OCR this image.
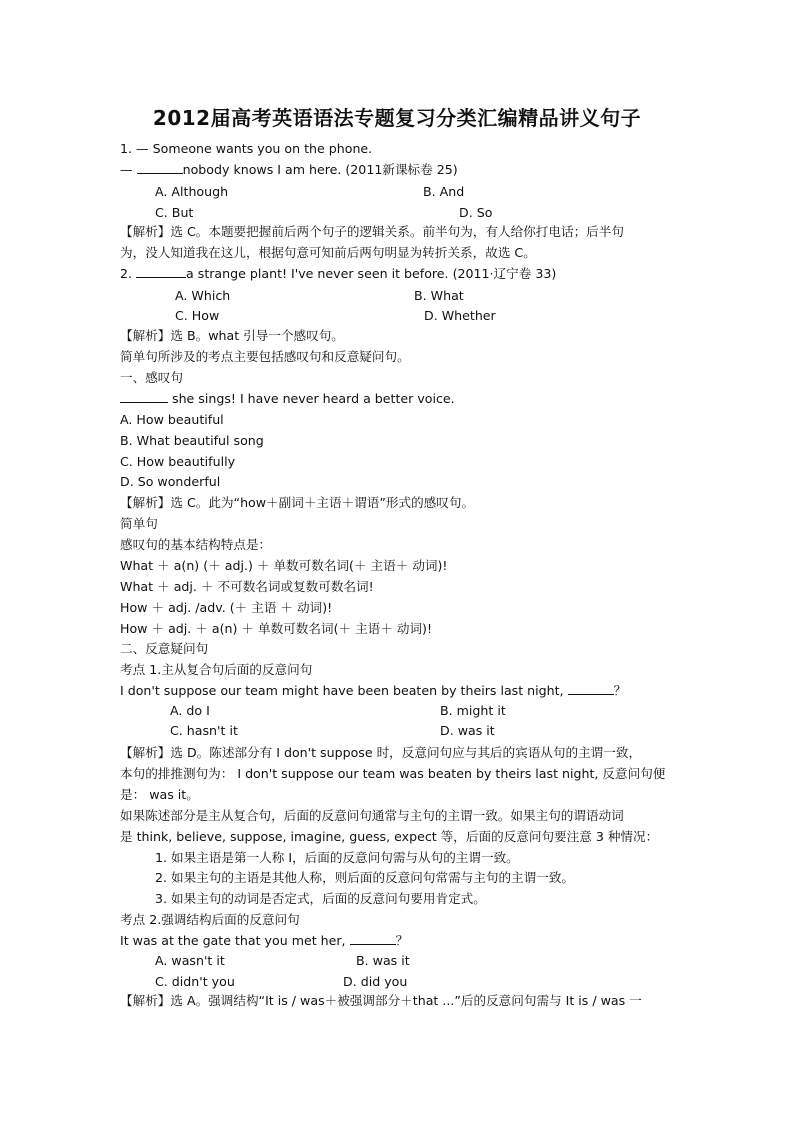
2012届高考英语语法专题复习分类汇编精品讲义句子
1. — Someone wants you on the phone.
—	nobody knows I am here. (2011新课标卷 25)
A. Although	B. And
C. But	D. So
【解析】选 C。本题要把握前后两个句子的逻辑关系。前半句为，有人给你打电话；后半句
为，没人知道我在这儿，根据句意可知前后两句明显为转折关系，故选 C。
2.	a strange plant! I've never seen it before. (2011·辽宁卷 33)
A. Which	B. What
C. How	D. Whether
【解析】选 B。what 引导一个感叹句。
简单句所涉及的考点主要包括感叹句和反意疑问句。
一、感叹句
she sings! I have never heard a better voice.
A. How beautiful
B. What beautiful song
C. How beautifully
D. So wonderful
【解析】选 C。此为“how＋副词＋主语＋谓语”形式的感叹句。
简单句
感叹句的基本结构特点是：
What ＋ a(n) (＋ adj.) ＋ 单数可数名词(＋ 主语＋ 动词)!
What ＋ adj. ＋ 不可数名词或复数可数名词!
How ＋ adj. /adv. (＋ 主语 ＋ 动词)!
How ＋ adj. ＋ a(n) ＋ 单数可数名词(＋ 主语＋ 动词)!
二、反意疑问句
考点 1.主从复合句后面的反意问句
I don't suppose our team might have been beaten by theirs last night,	？
A. do I	B. might it
C. hasn't it	D. was it
【解析】选 D。陈述部分有 I don't suppose 时，反意问句应与其后的宾语从句的主谓一致，
本句的排推测句为： I don't suppose our team was beaten by theirs last night, 反意问句便
是： was it。
如果陈述部分是主从复合句，后面的反意问句通常与主句的主谓一致。如果主句的谓语动词
是 think, believe, suppose, imagine, guess, expect 等，后面的反意问句要注意 3 种情况：
1. 如果主语是第一人称 I，后面的反意问句需与从句的主谓一致。
2. 如果主句的主语是其他人称，则后面的反意问句常需与主句的主谓一致。
3. 如果主句的动词是否定式，后面的反意问句要用肯定式。
考点 2.强调结构后面的反意问句
It was at the gate that you met her,	？
A. wasn't it	B. was it
C. didn't you	D. did you
【解析】选 A。强调结构“It is / was＋被强调部分＋that ...”后的反意问句需与 It is / was 一
